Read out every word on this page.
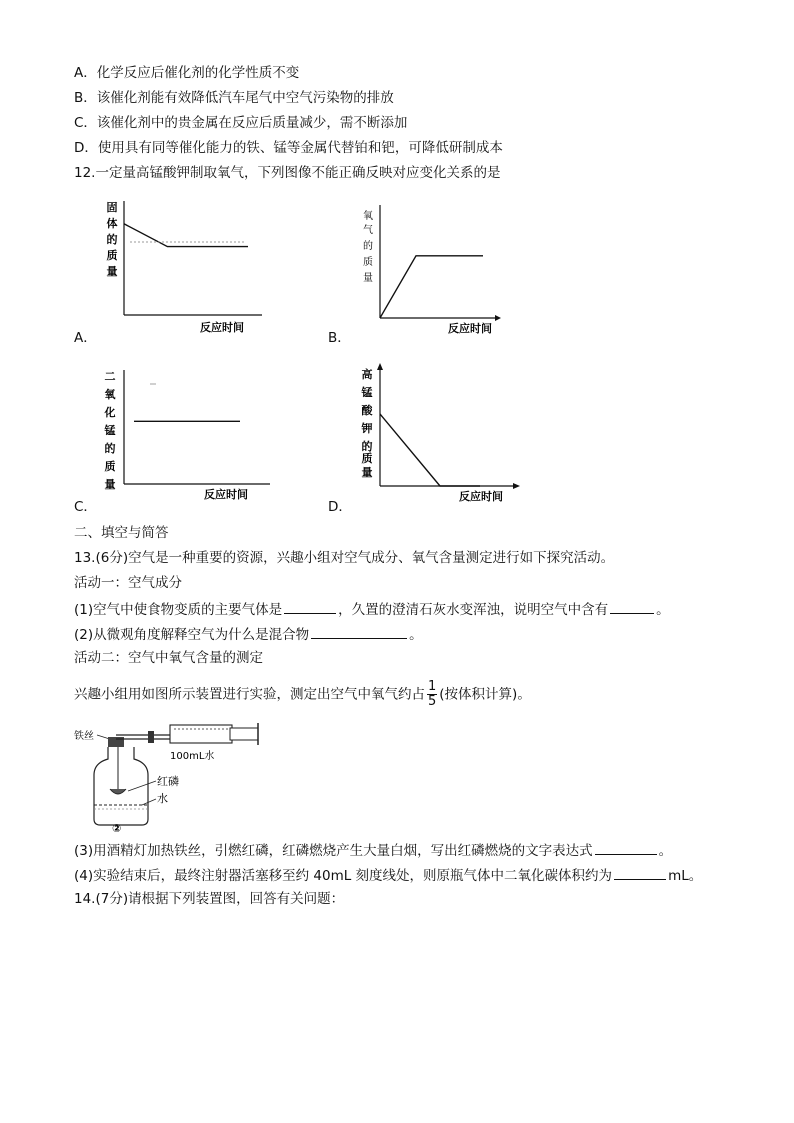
A．化学反应后催化剂的化学性质不变
B．该催化剂能有效降低汽车尾气中空气污染物的排放
C．该催化剂中的贵金属在反应后质量减少，需不断添加
D．使用具有同等催化能力的铁、锰等金属代替铂和钯，可降低研制成本
12.一定量高锰酸钾制取氧气，下列图像不能正确反映对应变化关系的是
A．
固
体
的
质
量
反应时间
B．
氧
气
的
质
量
反应时间
C．
二
氧
化
锰
的
质
量
反应时间
D．
高
锰
酸
钾
的
质
量
反应时间
二、填空与简答
13.(6分)空气是一种重要的资源，兴趣小组对空气成分、氧气含量测定进行如下探究活动。
活动一：空气成分
(1)空气中使食物变质的主要气体是	，久置的澄清石灰水变浑浊，说明空气中含有	。
(2)从微观角度解释空气为什么是混合物	。
活动二：空气中氧气含量的测定
兴趣小组用如图所示装置进行实验，测定出空气中氧气约占 $\frac{1}{5}$ (按体积计算)。
铁丝
100mL水
红磷
水
②
(3)用酒精灯加热铁丝，引燃红磷，红磷燃烧产生大量白烟，写出红磷燃烧的文字表达式	。
(4)实验结束后，最终注射器活塞移至约 40mL 刻度线处，则原瓶气体中二氧化碳体积约为	mL。
14.(7分)请根据下列装置图，回答有关问题：
